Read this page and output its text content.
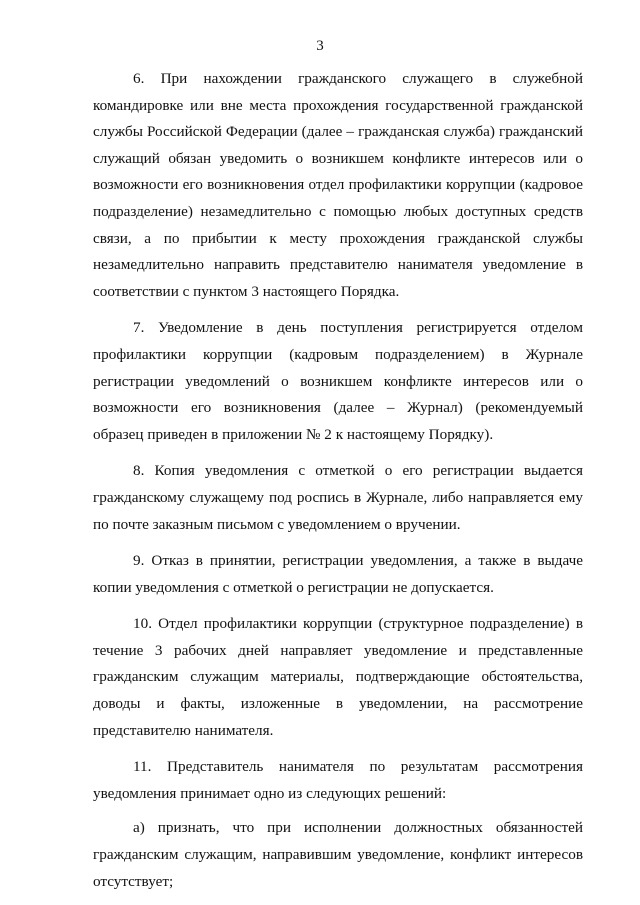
3

6. При нахождении гражданского служащего в служебной командировке или вне места прохождения государственной гражданской службы Российской Федерации (далее – гражданская служба) гражданский служащий обязан уведомить о возникшем конфликте интересов или о возможности его возникновения отдел профилактики коррупции (кадровое подразделение) незамедлительно с помощью любых доступных средств связи, а по прибытии к месту прохождения гражданской службы незамедлительно направить представителю нанимателя уведомление в соответствии с пунктом 3 настоящего Порядка.

7. Уведомление в день поступления регистрируется отделом профилактики коррупции (кадровым подразделением) в Журнале регистрации уведомлений о возникшем конфликте интересов или о возможности его возникновения (далее – Журнал) (рекомендуемый образец приведен в приложении № 2 к настоящему Порядку).

8. Копия уведомления с отметкой о его регистрации выдается гражданскому служащему под роспись в Журнале, либо направляется ему по почте заказным письмом с уведомлением о вручении.

9. Отказ в принятии, регистрации уведомления, а также в выдаче копии уведомления с отметкой о регистрации не допускается.

10. Отдел профилактики коррупции (структурное подразделение) в течение 3 рабочих дней направляет уведомление и представленные гражданским служащим материалы, подтверждающие обстоятельства, доводы и факты, изложенные в уведомлении, на рассмотрение представителю нанимателя.

11. Представитель нанимателя по результатам рассмотрения уведомления принимает одно из следующих решений:

а) признать, что при исполнении должностных обязанностей гражданским служащим, направившим уведомление, конфликт интересов отсутствует;
